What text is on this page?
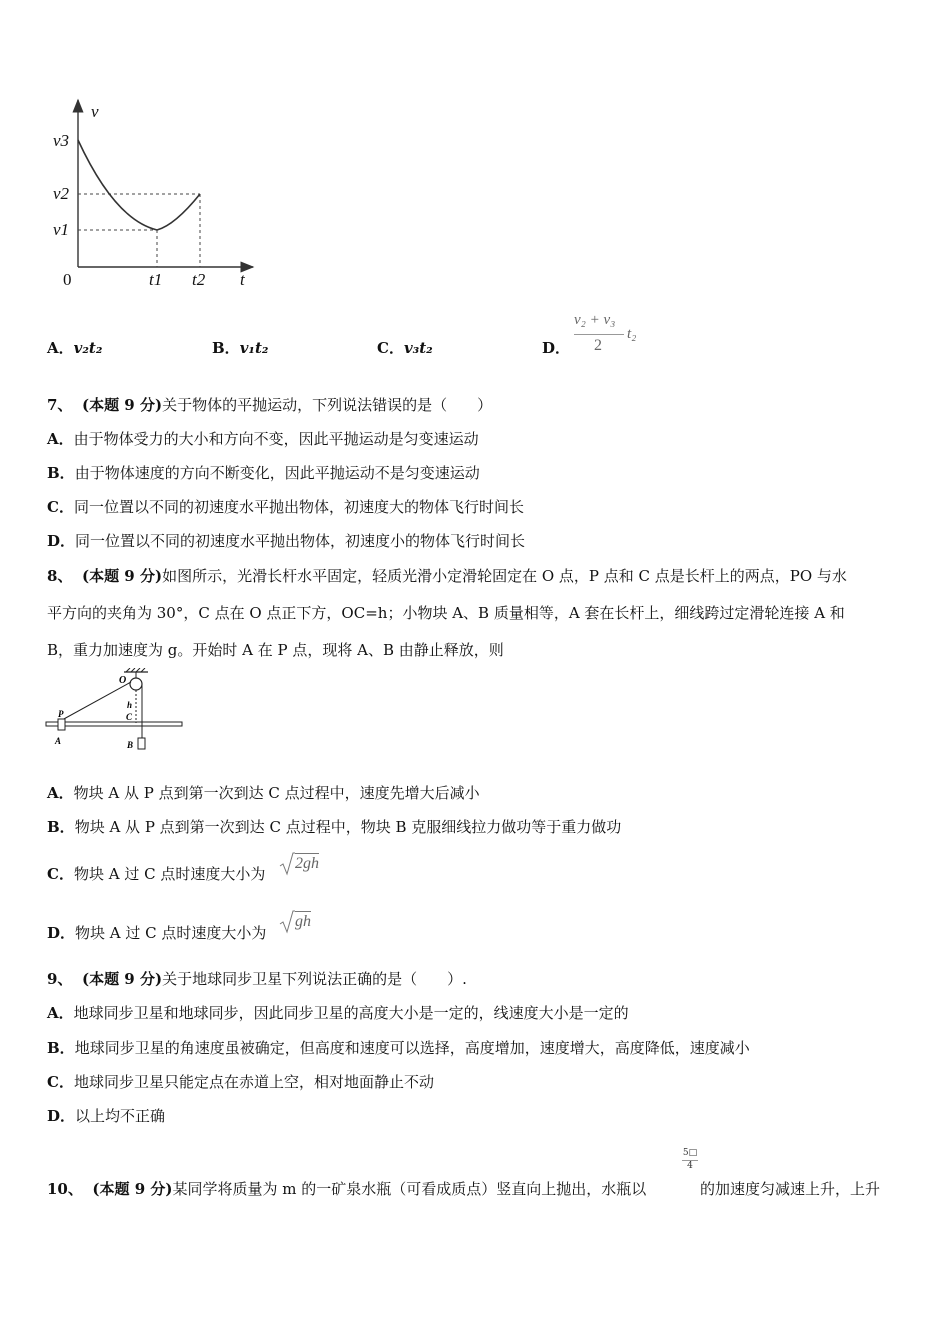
v
t
0
v3
v2
v1
t1 t2
A．v₂t₂	B．v₁t₂	C．v₃t₂	D．
v₂ + v₃
2
t₂
7、 (本题 9 分)关于物体的平抛运动，下列说法错误的是（　　）
A．由于物体受力的大小和方向不变，因此平抛运动是匀变速运动
B．由于物体速度的方向不断变化，因此平抛运动不是匀变速运动
C．同一位置以不同的初速度水平抛出物体，初速度大的物体飞行时间长
D．同一位置以不同的初速度水平抛出物体，初速度小的物体飞行时间长
8、 (本题 9 分)如图所示，光滑长杆水平固定，轻质光滑小定滑轮固定在 O 点，P 点和 C 点是长杆上的两点，PO 与水
平方向的夹角为 30°，C 点在 O 点正下方，OC=h；小物块 A、B 质量相等，A 套在长杆上，细线跨过定滑轮连接 A 和
B，重力加速度为 g。开始时 A 在 P 点，现将 A、B 由静止释放，则
O
P
h
C
A	B
A．物块 A 从 P 点到第一次到达 C 点过程中，速度先增大后减小
B．物块 A 从 P 点到第一次到达 C 点过程中，物块 B 克服细线拉力做功等于重力做功
C．物块 A 过 C 点时速度大小为
2gh
D．物块 A 过 C 点时速度大小为
gh
9、 (本题 9 分)关于地球同步卫星下列说法正确的是（　　）.
A．地球同步卫星和地球同步，因此同步卫星的高度大小是一定的，线速度大小是一定的
B．地球同步卫星的角速度虽被确定，但高度和速度可以选择，高度增加，速度增大，高度降低，速度减小
C．地球同步卫星只能定点在赤道上空，相对地面静止不动
D．以上均不正确
10、 (本题 9 分)某同学将质量为 m 的一矿泉水瓶（可看成质点）竖直向上抛出，水瓶以
5□
4
的加速度匀减速上升，上升
